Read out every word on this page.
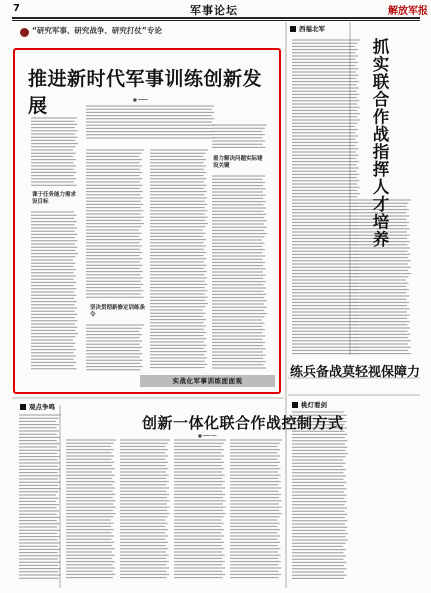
7	军事论坛	解放军报
“研究军事、研究战争、研究打仗”专论
推进新时代军事训练创新发展	■ ━━━━
课于任务能力需求设目标
坚决贯彻新修定训练条令
着力解决问题实际建设关键
实战化军事训练面面观
西福北军
抓实联合作战指挥人才培养
练兵备战莫轻视保障力
桃灯看剑
观点争鸣
创新一体化联合作战控制方式
■ ━━━ ━━
